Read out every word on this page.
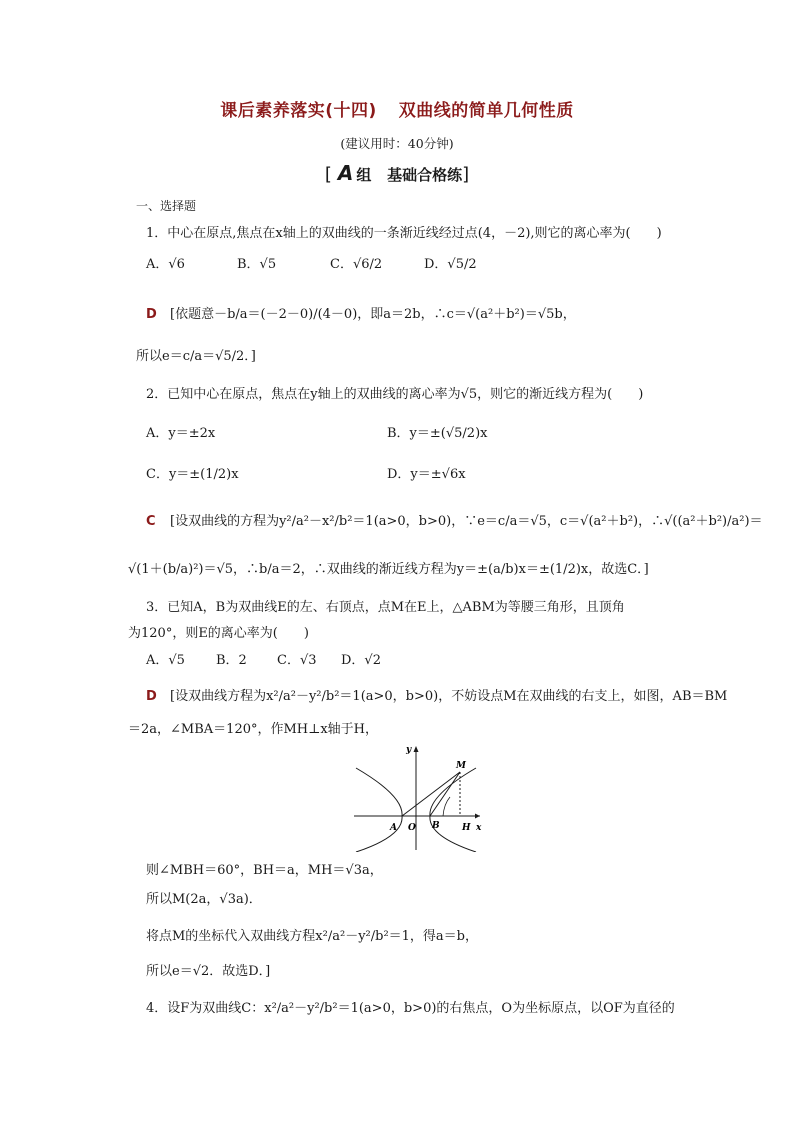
课后素养落实(十四) 双曲线的简单几何性质
(建议用时：40分钟)
[ A 组 基础合格练]
一、选择题
1．中心在原点,焦点在x轴上的双曲线的一条渐近线经过点(4，－2),则它的离心率为(　　)
A．√6	B．√5	C．√6/2	D．√5/2
D [依题意－b/a＝(－2－0)/(4－0)，即a＝2b，∴c＝√(a²＋b²)＝√5b，
所以e＝c/a＝√5/2．]
2．已知中心在原点，焦点在y轴上的双曲线的离心率为√5，则它的渐近线方程为(　　)
A．y＝±2x	B．y＝±(√5/2)x
C．y＝±(1/2)x	D．y＝±√6x
C [设双曲线的方程为y²/a²－x²/b²＝1(a>0，b>0)，∵e＝c/a＝√5，c＝√(a²＋b²)，∴√((a²＋b²)/a²)＝
√(1＋(b/a)²)＝√5，∴b/a＝2，∴双曲线的渐近线方程为y＝±(a/b)x＝±(1/2)x，故选C．]
3．已知A，B为双曲线E的左、右顶点，点M在E上，△ABM为等腰三角形，且顶角
为120°，则E的离心率为(　　)
A．√5 B．2 C．√3 D．√2
D [设双曲线方程为x²/a²－y²/b²＝1(a>0，b>0)，不妨设点M在双曲线的右支上，如图，AB＝BM
＝2a，∠MBA＝120°，作MH⊥x轴于H，
y
x
A O B H
M
则∠MBH＝60°，BH＝a，MH＝√3a，
所以M(2a，√3a)．
将点M的坐标代入双曲线方程x²/a²－y²/b²＝1，得a＝b，
所以e＝√2．故选D．]
4．设F为双曲线C：x²/a²－y²/b²＝1(a>0，b>0)的右焦点，O为坐标原点，以OF为直径的
